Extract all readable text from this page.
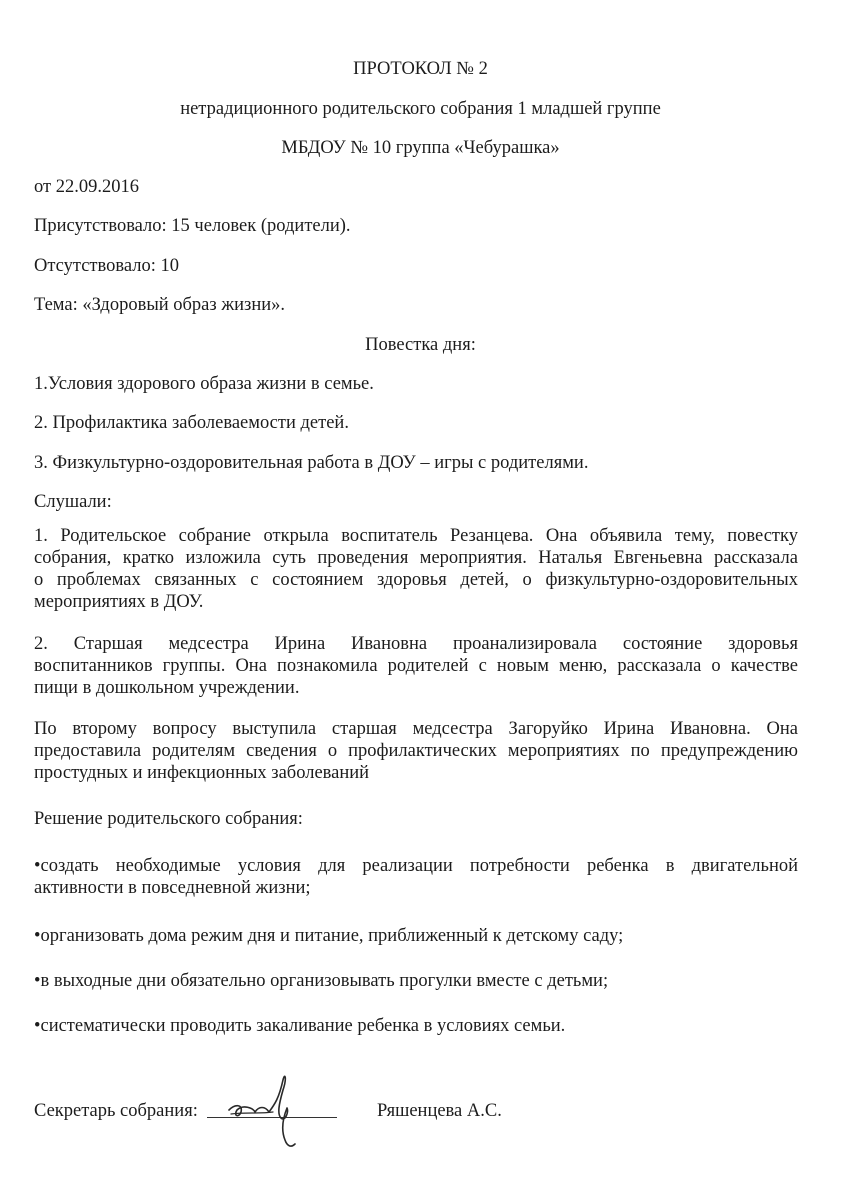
ПРОТОКОЛ № 2
нетрадиционного родительского собрания 1 младшей группе
МБДОУ № 10 группа «Чебурашка»
от 22.09.2016
Присутствовало: 15 человек (родители).
Отсутствовало: 10
Тема: «Здоровый образ жизни».
Повестка дня:
1.Условия здорового образа жизни в семье.
2. Профилактика заболеваемости детей.
3. Физкультурно-оздоровительная работа в ДОУ – игры с родителями.
Слушали:
1. Родительское собрание открыла воспитатель Резанцева. Она объявила тему, повестку
собрания, кратко изложила суть проведения мероприятия. Наталья Евгеньевна рассказала
о проблемах связанных с состоянием здоровья детей, о физкультурно-оздоровительных
мероприятиях в ДОУ.
2. Старшая медсестра Ирина Ивановна проанализировала состояние здоровья
воспитанников группы. Она познакомила родителей с новым меню, рассказала о качестве
пищи в дошкольном учреждении.
По второму вопросу выступила старшая медсестра Загоруйко Ирина Ивановна. Она
предоставила родителям сведения о профилактических мероприятиях по предупреждению
простудных и инфекционных заболеваний
Решение родительского собрания:
•создать необходимые условия для реализации потребности ребенка в двигательной
активности в повседневной жизни;
•организовать дома режим дня и питание, приближенный к детскому саду;
•в выходные дни обязательно организовывать прогулки вместе с детьми;
•систематически проводить закаливание ребенка в условиях семьи.
Секретарь собрания:	Ряшенцева А.С.
